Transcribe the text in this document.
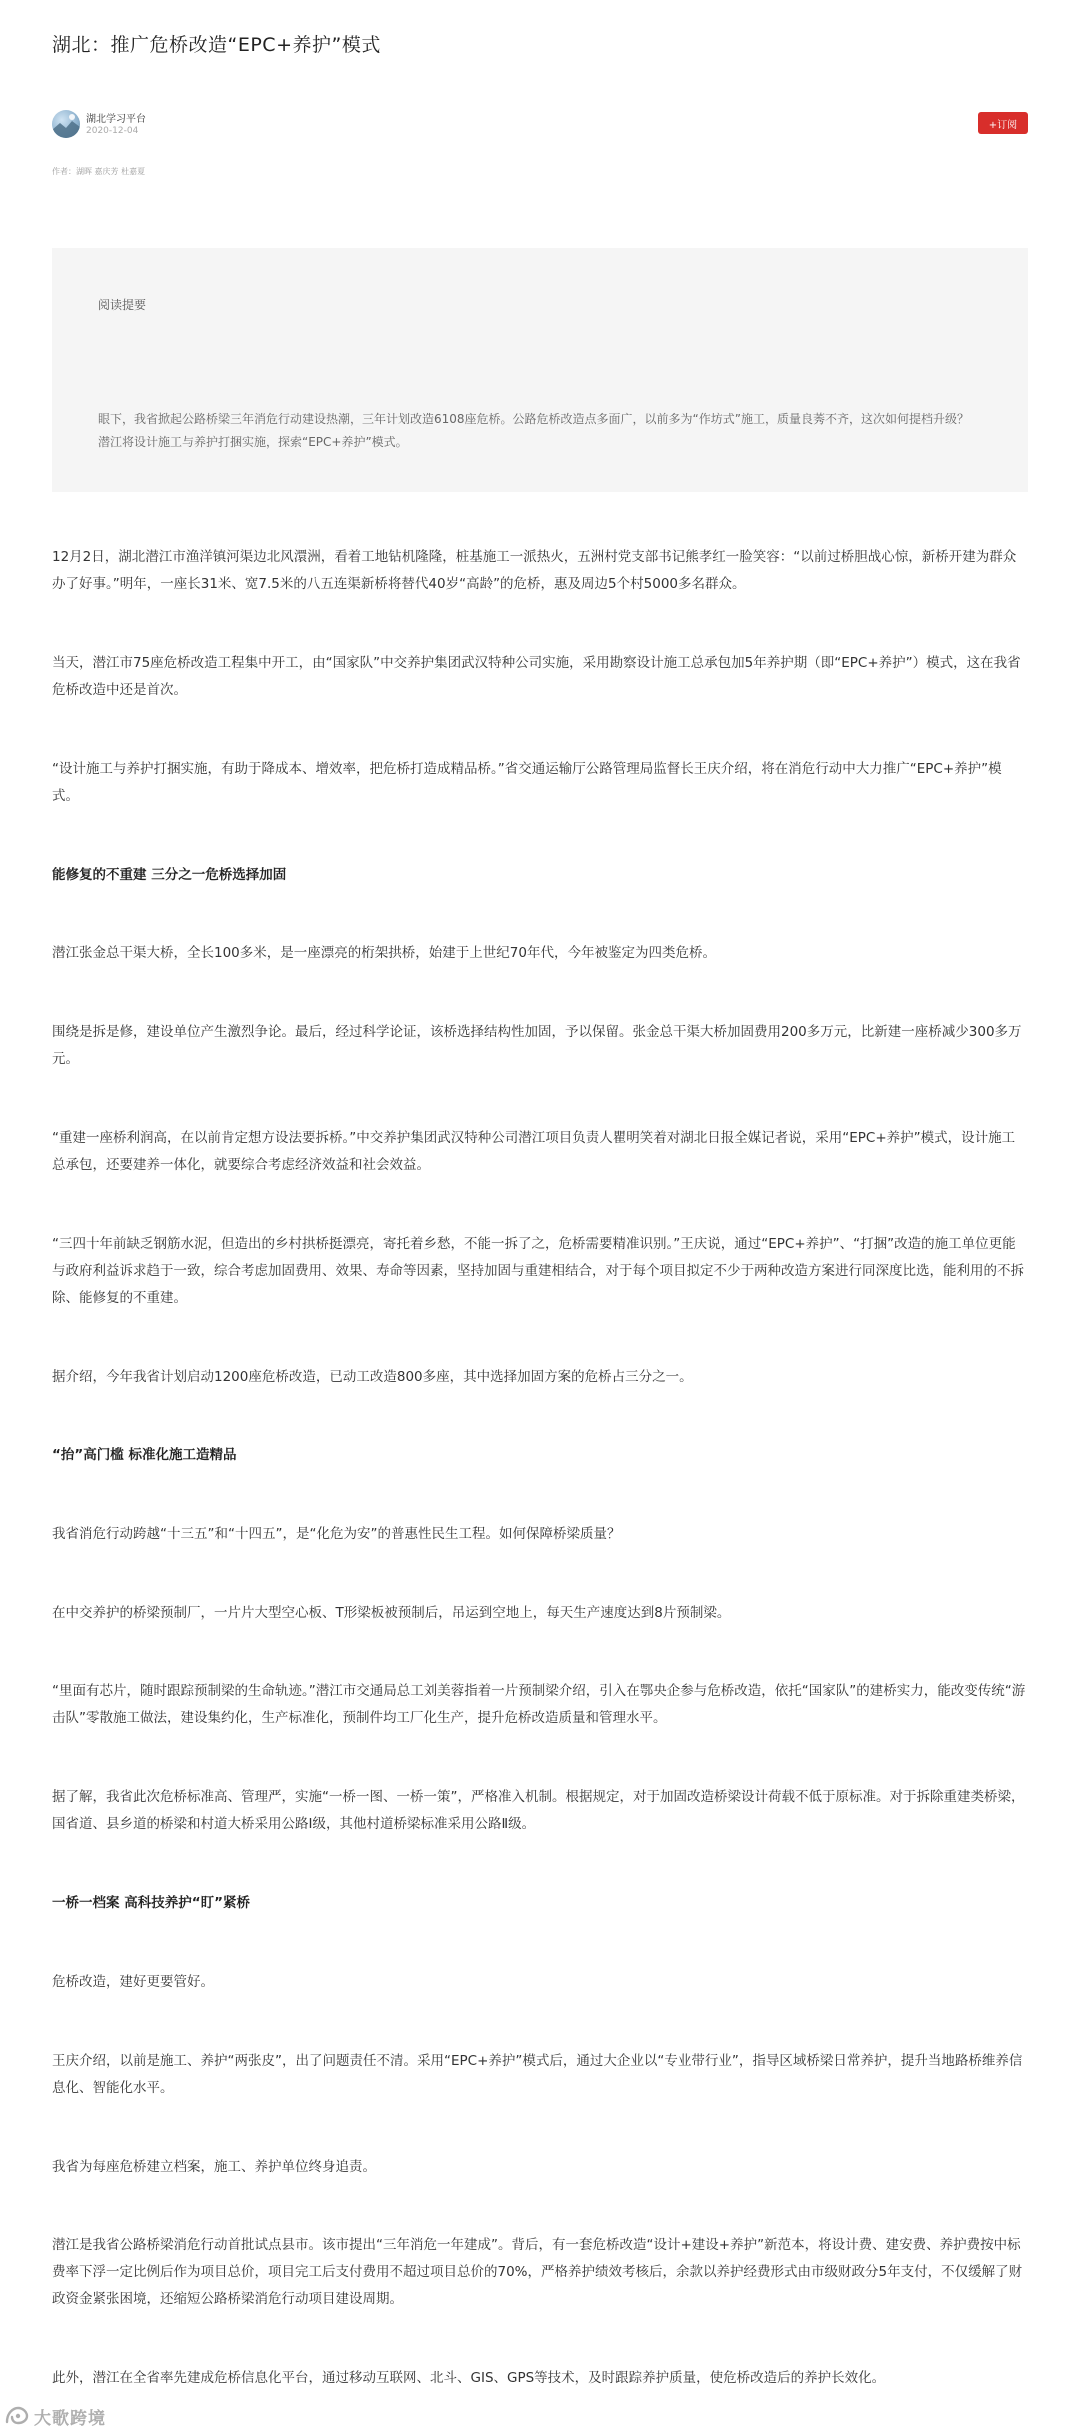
湖北：推广危桥改造“EPC+养护”模式
湖北学习平台
2020-12-04
+订阅
作者：湖晖 嘉庆芳 杜嘉夏
阅读提要

眼下，我省掀起公路桥梁三年消危行动建设热潮，三年计划改造6108座危桥。公路危桥改造点多面广，以前多为“作坊式”施工，质量良莠不齐，这次如何提档升级？潜江将设计施工与养护打捆实施，探索“EPC+养护”模式。

12月2日，湖北潜江市渔洋镇河渠边北风澴洲，看着工地钻机隆隆，桩基施工一派热火，五洲村党支部书记熊孝红一脸笑容：“以前过桥胆战心惊，新桥开建为群众办了好事。”明年，一座长31米、宽7.5米的八五连渠新桥将替代40岁“高龄”的危桥，惠及周边5个村5000多名群众。

当天，潜江市75座危桥改造工程集中开工，由“国家队”中交养护集团武汉特种公司实施，采用勘察设计施工总承包加5年养护期（即“EPC+养护”）模式，这在我省危桥改造中还是首次。

“设计施工与养护打捆实施，有助于降成本、增效率，把危桥打造成精品桥。”省交通运输厅公路管理局监督长王庆介绍，将在消危行动中大力推广“EPC+养护”模式。

能修复的不重建 三分之一危桥选择加固

潜江张金总干渠大桥，全长100多米，是一座漂亮的桁架拱桥，始建于上世纪70年代，今年被鉴定为四类危桥。

围绕是拆是修，建设单位产生激烈争论。最后，经过科学论证，该桥选择结构性加固，予以保留。张金总干渠大桥加固费用200多万元，比新建一座桥减少300多万元。

“重建一座桥利润高，在以前肯定想方设法要拆桥。”中交养护集团武汉特种公司潜江项目负责人瞿明笑着对湖北日报全媒记者说，采用“EPC+养护”模式，设计施工总承包，还要建养一体化，就要综合考虑经济效益和社会效益。

“三四十年前缺乏钢筋水泥，但造出的乡村拱桥挺漂亮，寄托着乡愁，不能一拆了之，危桥需要精准识别。”王庆说，通过“EPC+养护”、“打捆”改造的施工单位更能与政府利益诉求趋于一致，综合考虑加固费用、效果、寿命等因素，坚持加固与重建相结合，对于每个项目拟定不少于两种改造方案进行同深度比选，能利用的不拆除、能修复的不重建。

据介绍，今年我省计划启动1200座危桥改造，已动工改造800多座，其中选择加固方案的危桥占三分之一。

“抬”高门槛 标准化施工造精品

我省消危行动跨越“十三五”和“十四五”，是“化危为安”的普惠性民生工程。如何保障桥梁质量？

在中交养护的桥梁预制厂，一片片大型空心板、T形梁板被预制后，吊运到空地上，每天生产速度达到8片预制梁。

“里面有芯片，随时跟踪预制梁的生命轨迹。”潜江市交通局总工刘美蓉指着一片预制梁介绍，引入在鄂央企参与危桥改造，依托“国家队”的建桥实力，能改变传统“游击队”零散施工做法，建设集约化，生产标准化，预制件均工厂化生产，提升危桥改造质量和管理水平。

据了解，我省此次危桥标准高、管理严，实施“一桥一图、一桥一策”，严格准入机制。根据规定，对于加固改造桥梁设计荷载不低于原标准。对于拆除重建类桥梁，国省道、县乡道的桥梁和村道大桥采用公路Ⅰ级，其他村道桥梁标准采用公路Ⅱ级。

一桥一档案 高科技养护“盯”紧桥

危桥改造，建好更要管好。

王庆介绍，以前是施工、养护“两张皮”，出了问题责任不清。采用“EPC+养护”模式后，通过大企业以“专业带行业”，指导区域桥梁日常养护，提升当地路桥维养信息化、智能化水平。

我省为每座危桥建立档案，施工、养护单位终身追责。

潜江是我省公路桥梁消危行动首批试点县市。该市提出“三年消危一年建成”。背后，有一套危桥改造“设计+建设+养护”新范本，将设计费、建安费、养护费按中标费率下浮一定比例后作为项目总价，项目完工后支付费用不超过项目总价的70%，严格养护绩效考核后，余款以养护经费形式由市级财政分5年支付，不仅缓解了财政资金紧张困境，还缩短公路桥梁消危行动项目建设周期。

此外，潜江在全省率先建成危桥信息化平台，通过移动互联网、北斗、GIS、GPS等技术，及时跟踪养护质量，使危桥改造后的养护长效化。

大歌跨境
